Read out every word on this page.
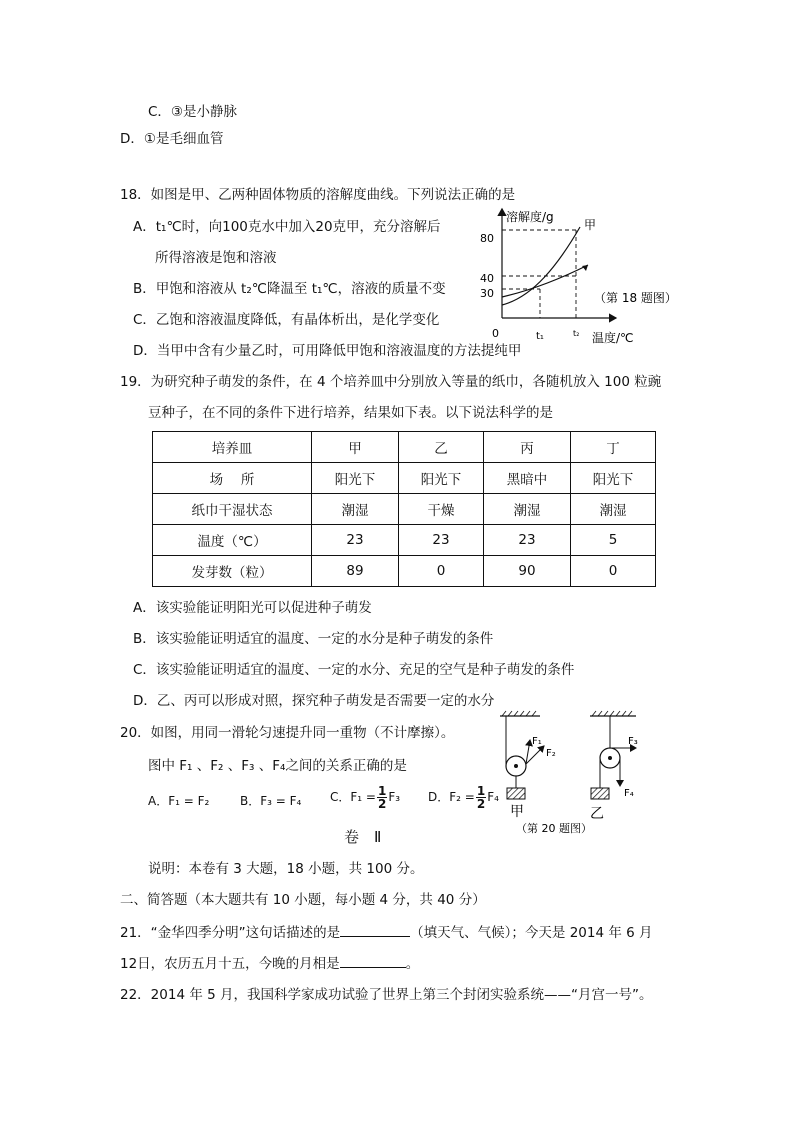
C．③是小静脉
D．①是毛细血管
18．如图是甲、乙两种固体物质的溶解度曲线。下列说法正确的是
A．t₁℃时，向100克水中加入20克甲，充分溶解后
所得溶液是饱和溶液
B．甲饱和溶液从 t₂℃降温至 t₁℃，溶液的质量不变
C．乙饱和溶液温度降低，有晶体析出，是化学变化
D．当甲中含有少量乙时，可用降低甲饱和溶液温度的方法提纯甲
溶解度/g
甲
80
40
30
0	t₁	t₂ 温度/℃
（第 18 题图）
19．为研究种子萌发的条件，在 4 个培养皿中分别放入等量的纸巾，各随机放入 100 粒豌
豆种子，在不同的条件下进行培养，结果如下表。以下说法科学的是
培养皿	甲	乙	丙	丁
场　 所	阳光下	阳光下	黑暗中	阳光下
纸巾干湿状态	潮湿	干燥	潮湿	潮湿
温度（℃）	23	23	23	5
发芽数（粒）	89	0	90	0
A．该实验能证明阳光可以促进种子萌发
B．该实验能证明适宜的温度、一定的水分是种子萌发的条件
C．该实验能证明适宜的温度、一定的水分、充足的空气是种子萌发的条件
D．乙、丙可以形成对照，探究种子萌发是否需要一定的水分
20．如图，用同一滑轮匀速提升同一重物（不计摩擦）。
图中 F₁ 、F₂ 、F₃ 、F₄之间的关系正确的是
A．F₁ = F₂	B．F₃ = F₄ C．$F_1 = \frac{1}{2} F_3$ D．$F_2 = \frac{1}{2} F_4$
F₁
F₂
甲
F₃
F₄
乙
（第 20 题图）
卷　Ⅱ
说明：本卷有 3 大题，18 小题，共 100 分。
二、简答题（本大题共有 10 小题，每小题 4 分，共 40 分）
21．“金华四季分明”这句话描述的是	（填天气、气候）；今天是 2014 年 6 月
12日，农历五月十五，今晚的月相是	。
22．2014 年 5 月，我国科学家成功试验了世界上第三个封闭实验系统——“月宫一号”。
